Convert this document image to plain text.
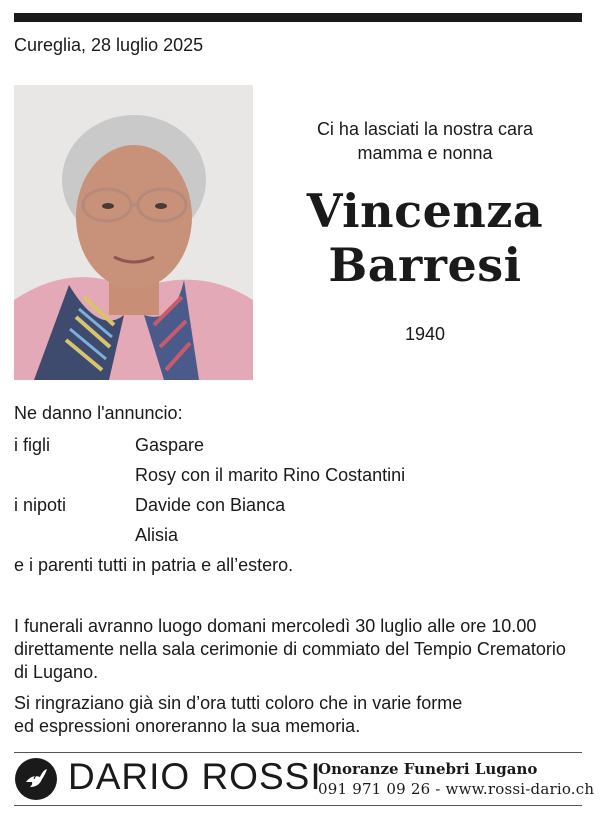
Cureglia, 28 luglio 2025
Ci ha lasciati la nostra cara
mamma e nonna
Vincenza
Barresi
1940
Ne danno l'annuncio:
i figli	Gaspare
Rosy con il marito Rino Costantini
i nipoti	Davide con Bianca
Alisia
e i parenti tutti in patria e all’estero.
I funerali avranno luogo domani mercoledì 30 luglio alle ore 10.00
direttamente nella sala cerimonie di commiato del Tempio Crematorio
di Lugano.
Si ringraziano già sin d’ora tutti coloro che in varie forme
ed espressioni onoreranno la sua memoria.
DARIO ROSSI
Onoranze Funebri Lugano
091 971 09 26 - www.rossi-dario.ch
